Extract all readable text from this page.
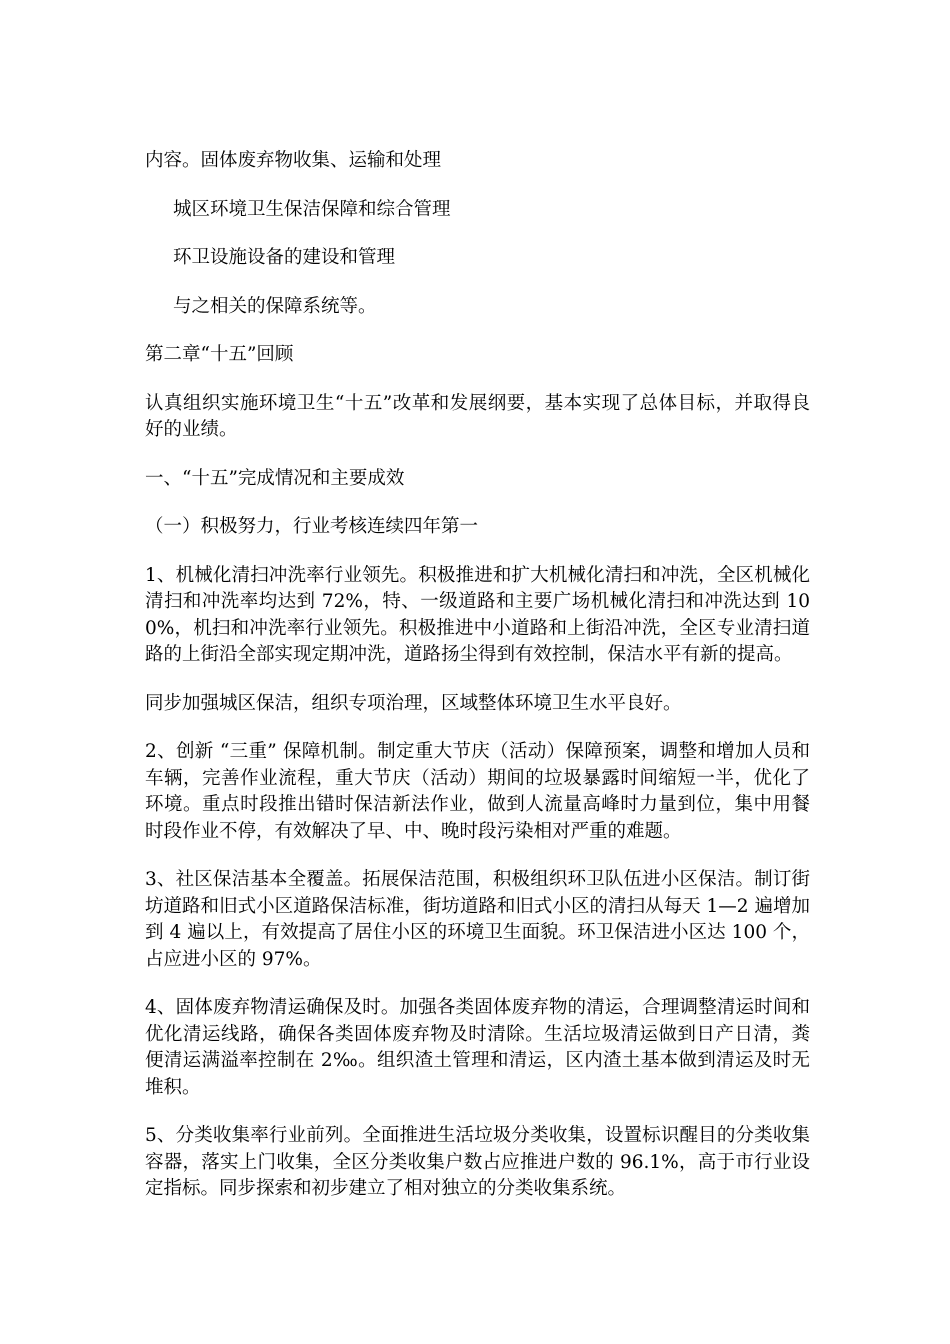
内容。固体废弃物收集、运输和处理

城区环境卫生保洁保障和综合管理

环卫设施设备的建设和管理

与之相关的保障系统等。

第二章“十五”回顾

认真组织实施环境卫生“十五”改革和发展纲要，基本实现了总体目标，并取得良好的业绩。

一、“十五”完成情况和主要成效

（一）积极努力，行业考核连续四年第一

1、机械化清扫冲洗率行业领先。积极推进和扩大机械化清扫和冲洗，全区机械化清扫和冲洗率均达到 72%，特、一级道路和主要广场机械化清扫和冲洗达到 100%，机扫和冲洗率行业领先。积极推进中小道路和上街沿冲洗，全区专业清扫道路的上街沿全部实现定期冲洗，道路扬尘得到有效控制，保洁水平有新的提高。

同步加强城区保洁，组织专项治理，区域整体环境卫生水平良好。

2、创新 “三重” 保障机制。制定重大节庆（活动）保障预案，调整和增加人员和车辆，完善作业流程，重大节庆（活动）期间的垃圾暴露时间缩短一半，优化了环境。重点时段推出错时保洁新法作业，做到人流量高峰时力量到位，集中用餐时段作业不停，有效解决了早、中、晚时段污染相对严重的难题。

3、社区保洁基本全覆盖。拓展保洁范围，积极组织环卫队伍进小区保洁。制订街坊道路和旧式小区道路保洁标准，街坊道路和旧式小区的清扫从每天 1—2 遍增加到 4 遍以上，有效提高了居住小区的环境卫生面貌。环卫保洁进小区达 100 个，占应进小区的 97%。

4、固体废弃物清运确保及时。加强各类固体废弃物的清运，合理调整清运时间和优化清运线路，确保各类固体废弃物及时清除。生活垃圾清运做到日产日清，粪便清运满溢率控制在 2‰。组织渣土管理和清运，区内渣土基本做到清运及时无堆积。

5、分类收集率行业前列。全面推进生活垃圾分类收集，设置标识醒目的分类收集容器，落实上门收集，全区分类收集户数占应推进户数的 96.1%，高于市行业设定指标。同步探索和初步建立了相对独立的分类收集系统。
